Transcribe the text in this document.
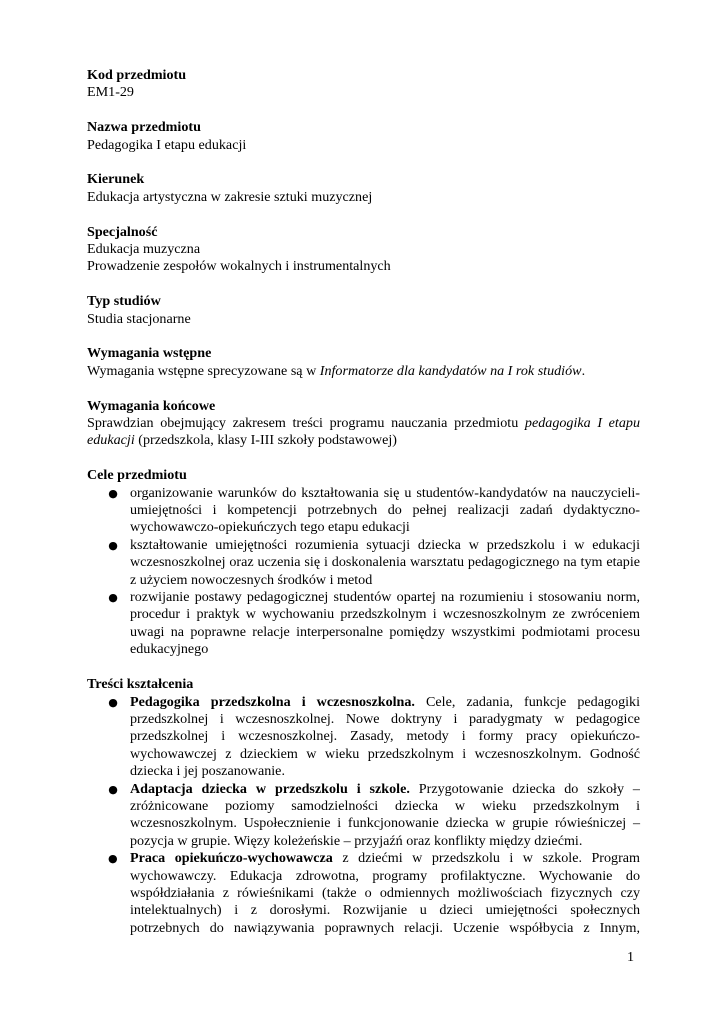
Kod przedmiotu
EM1-29
Nazwa przedmiotu
Pedagogika I etapu edukacji
Kierunek
Edukacja artystyczna w zakresie sztuki muzycznej
Specjalność
Edukacja muzyczna
Prowadzenie zespołów wokalnych i instrumentalnych
Typ studiów
Studia stacjonarne
Wymagania wstępne
Wymagania wstępne sprecyzowane są w Informatorze dla kandydatów na I rok studiów.
Wymagania końcowe
Sprawdzian obejmujący zakresem treści programu nauczania przedmiotu pedagogika I etapu edukacji (przedszkola, klasy I-III szkoły podstawowej)
Cele przedmiotu
● organizowanie warunków do kształtowania się u studentów-kandydatów na nauczycieli-umiejętności i kompetencji potrzebnych do pełnej realizacji zadań dydaktyczno-wychowawczo-opiekuńczych tego etapu edukacji
● kształtowanie umiejętności rozumienia sytuacji dziecka w przedszkolu i w edukacji wczesnoszkolnej oraz uczenia się i doskonalenia warsztatu pedagogicznego na tym etapie z użyciem nowoczesnych środków i metod
● rozwijanie postawy pedagogicznej studentów opartej na rozumieniu i stosowaniu norm, procedur i praktyk w wychowaniu przedszkolnym i wczesnoszkolnym ze zwróceniem uwagi na poprawne relacje interpersonalne pomiędzy wszystkimi podmiotami procesu edukacyjnego
Treści kształcenia
● Pedagogika przedszkolna i wczesnoszkolna. Cele, zadania, funkcje pedagogiki przedszkolnej i wczesnoszkolnej. Nowe doktryny i paradygmaty w pedagogice przedszkolnej i wczesnoszkolnej. Zasady, metody i formy pracy opiekuńczo-wychowawczej z dzieckiem w wieku przedszkolnym i wczesnoszkolnym. Godność dziecka i jej poszanowanie.
● Adaptacja dziecka w przedszkolu i szkole. Przygotowanie dziecka do szkoły – zróżnicowane poziomy samodzielności dziecka w wieku przedszkolnym i wczesnoszkolnym. Uspołecznienie i funkcjonowanie dziecka w grupie rówieśniczej – pozycja w grupie. Więzy koleżeńskie – przyjaźń oraz konflikty między dziećmi.
● Praca opiekuńczo-wychowawcza z dziećmi w przedszkolu i w szkole. Program wychowawczy. Edukacja zdrowotna, programy profilaktyczne. Wychowanie do współdziałania z rówieśnikami (także o odmiennych możliwościach fizycznych czy intelektualnych) i z dorosłymi. Rozwijanie u dzieci umiejętności społecznych potrzebnych do nawiązywania poprawnych relacji. Uczenie współbycia z Innym,
1
